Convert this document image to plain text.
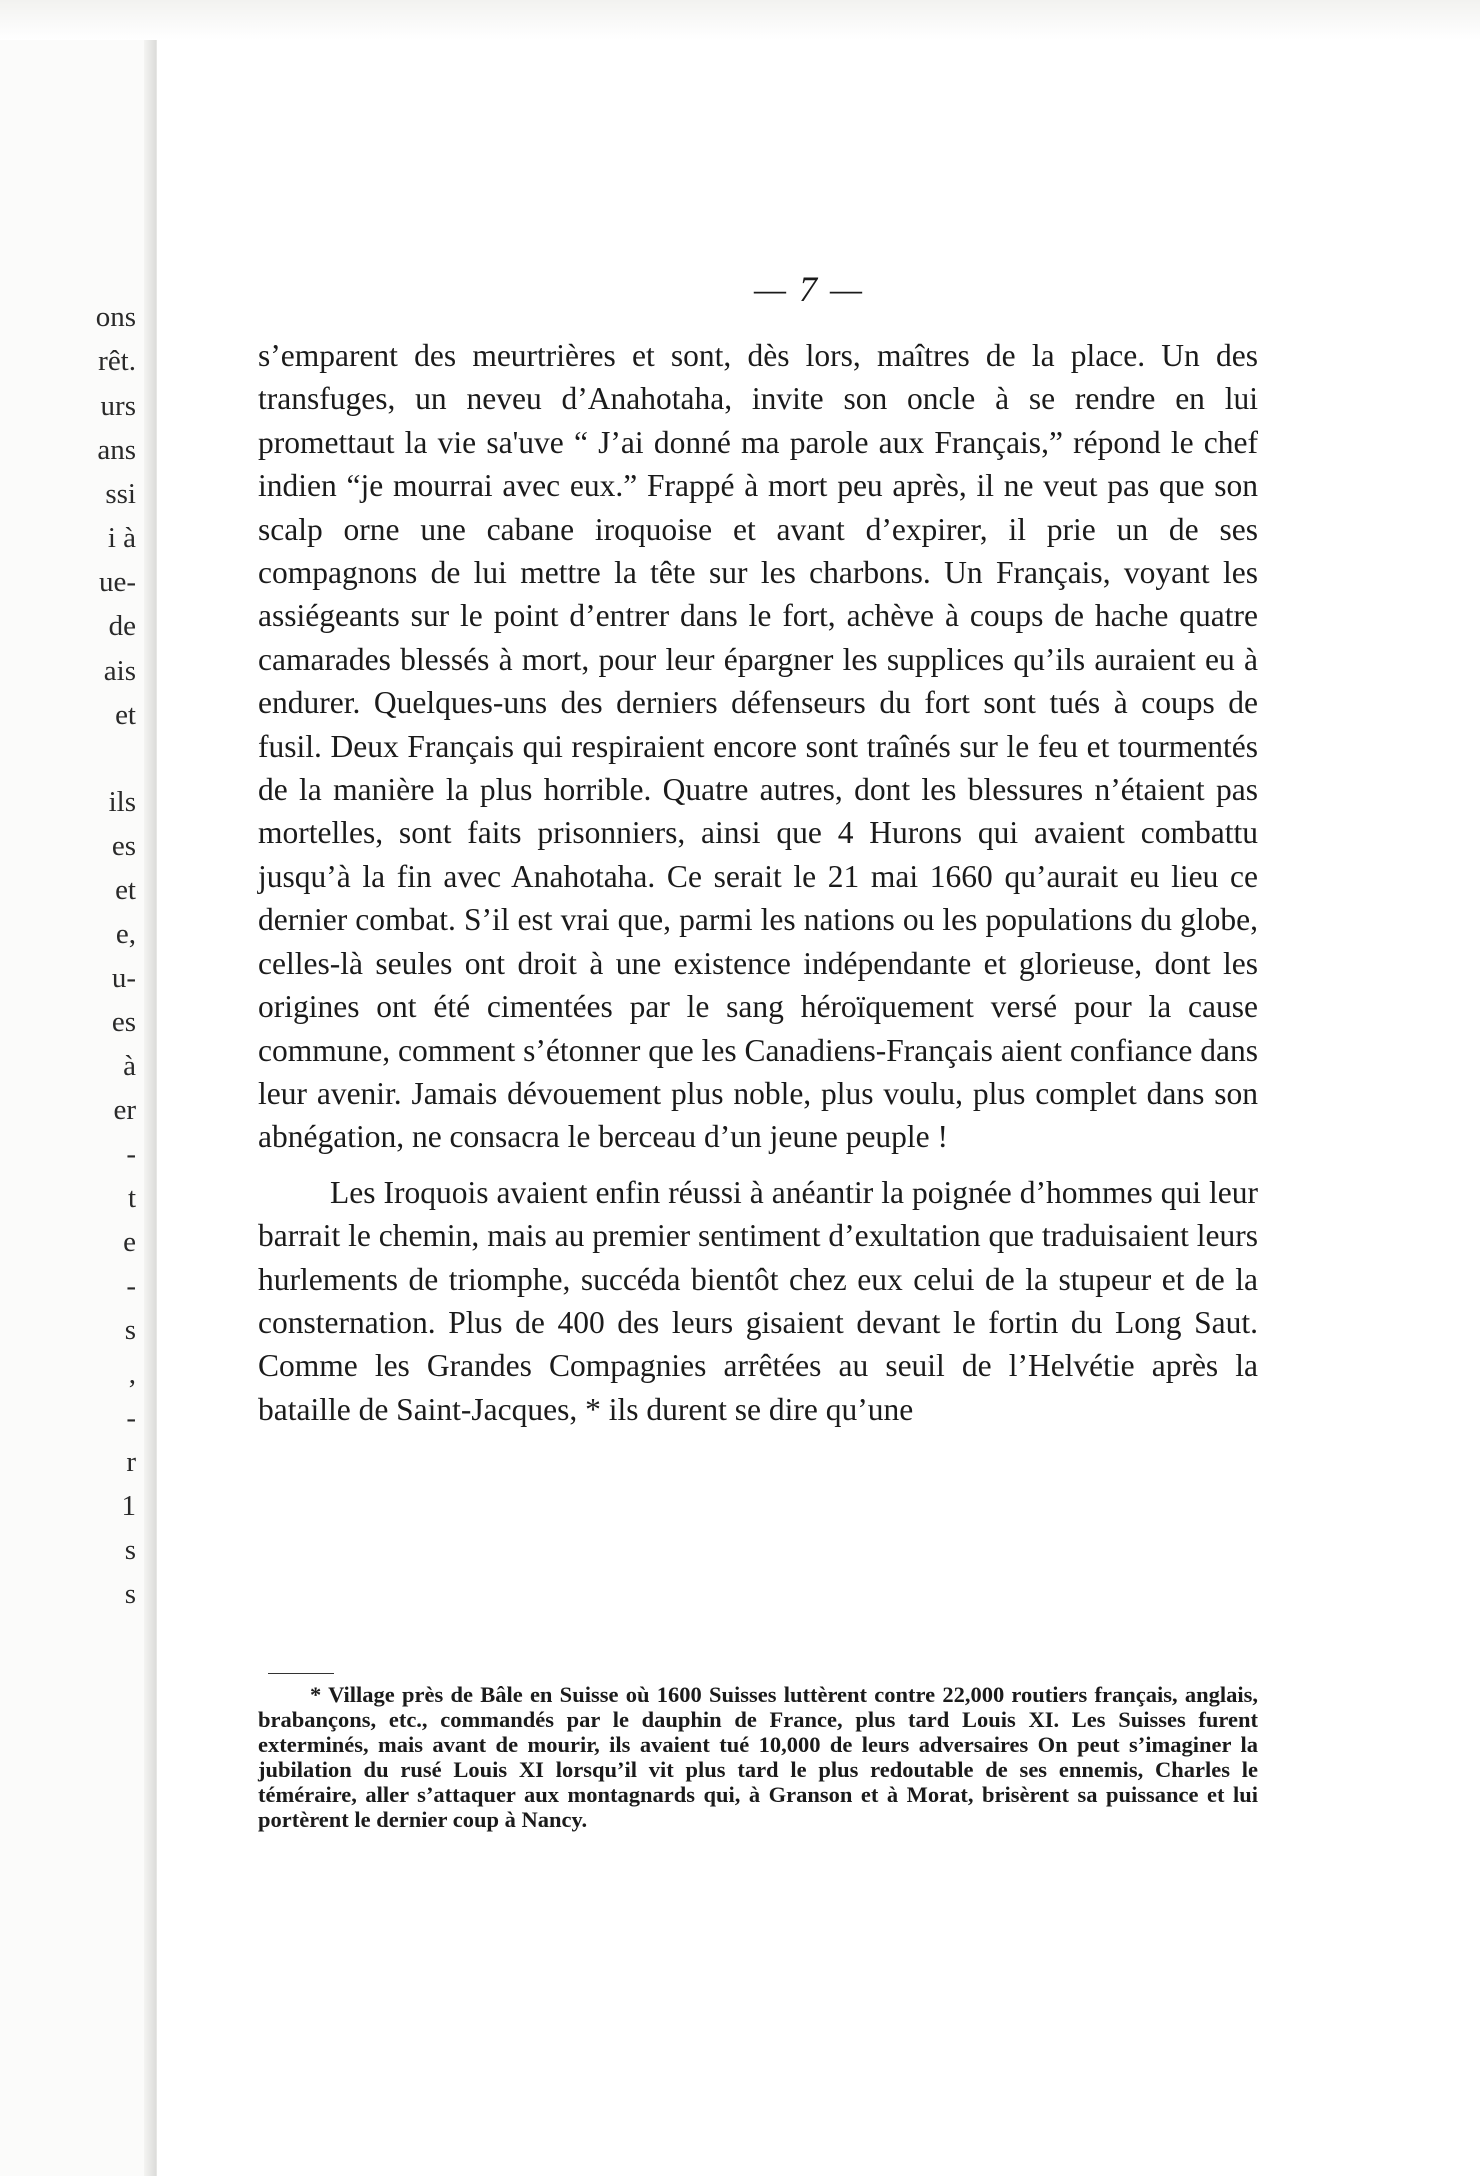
ons
rêt.
urs
ans
ssi
i à
ue-
de
ais
et
ils
es
et
e,
u-
es
à
er
-
t
e
-
s
,
-
r
1
s
s
— 7 —

s’emparent des meurtrières et sont, dès lors, maîtres de la place. Un des transfuges, un neveu d’Anahotaha, invite son oncle à se rendre en lui promettaut la vie sa'uve “ J’ai donné ma parole aux Français,” répond le chef indien “je mourrai avec eux.” Frappé à mort peu après, il ne veut pas que son scalp orne une cabane iroquoise et avant d’expirer, il prie un de ses compagnons de lui mettre la tête sur les charbons. Un Français, voyant les assiégeants sur le point d’entrer dans le fort, achève à coups de hache quatre camarades blessés à mort, pour leur épargner les supplices qu’ils auraient eu à endurer. Quelques-uns des derniers défenseurs du fort sont tués à coups de fusil. Deux Français qui respiraient encore sont traînés sur le feu et tourmentés de la manière la plus horrible. Quatre autres, dont les blessures n’étaient pas mortelles, sont faits prisonniers, ainsi que 4 Hurons qui avaient combattu jusqu’à la fin avec Anahotaha. Ce serait le 21 mai 1660 qu’aurait eu lieu ce dernier combat. S’il est vrai que, parmi les nations ou les populations du globe, celles-là seules ont droit à une existence indépendante et glorieuse, dont les origines ont été cimentées par le sang héroïquement versé pour la cause commune, comment s’étonner que les Canadiens-Français aient confiance dans leur avenir. Jamais dévouement plus noble, plus voulu, plus complet dans son abnégation, ne consacra le berceau d’un jeune peuple !

Les Iroquois avaient enfin réussi à anéantir la poignée d’hommes qui leur barrait le chemin, mais au premier sentiment d’exultation que traduisaient leurs hurlements de triomphe, succéda bientôt chez eux celui de la stupeur et de la consternation. Plus de 400 des leurs gisaient devant le fortin du Long Saut. Comme les Grandes Compagnies arrêtées au seuil de l’Helvétie après la bataille de Saint-Jacques, * ils durent se dire qu’une

* Village près de Bâle en Suisse où 1600 Suisses luttèrent contre 22,000 routiers français, anglais, brabançons, etc., commandés par le dauphin de France, plus tard Louis XI. Les Suisses furent exterminés, mais avant de mourir, ils avaient tué 10,000 de leurs adversaires On peut s’imaginer la jubilation du rusé Louis XI lorsqu’il vit plus tard le plus redoutable de ses ennemis, Charles le téméraire, aller s’attaquer aux montagnards qui, à Granson et à Morat, brisèrent sa puissance et lui portèrent le dernier coup à Nancy.
